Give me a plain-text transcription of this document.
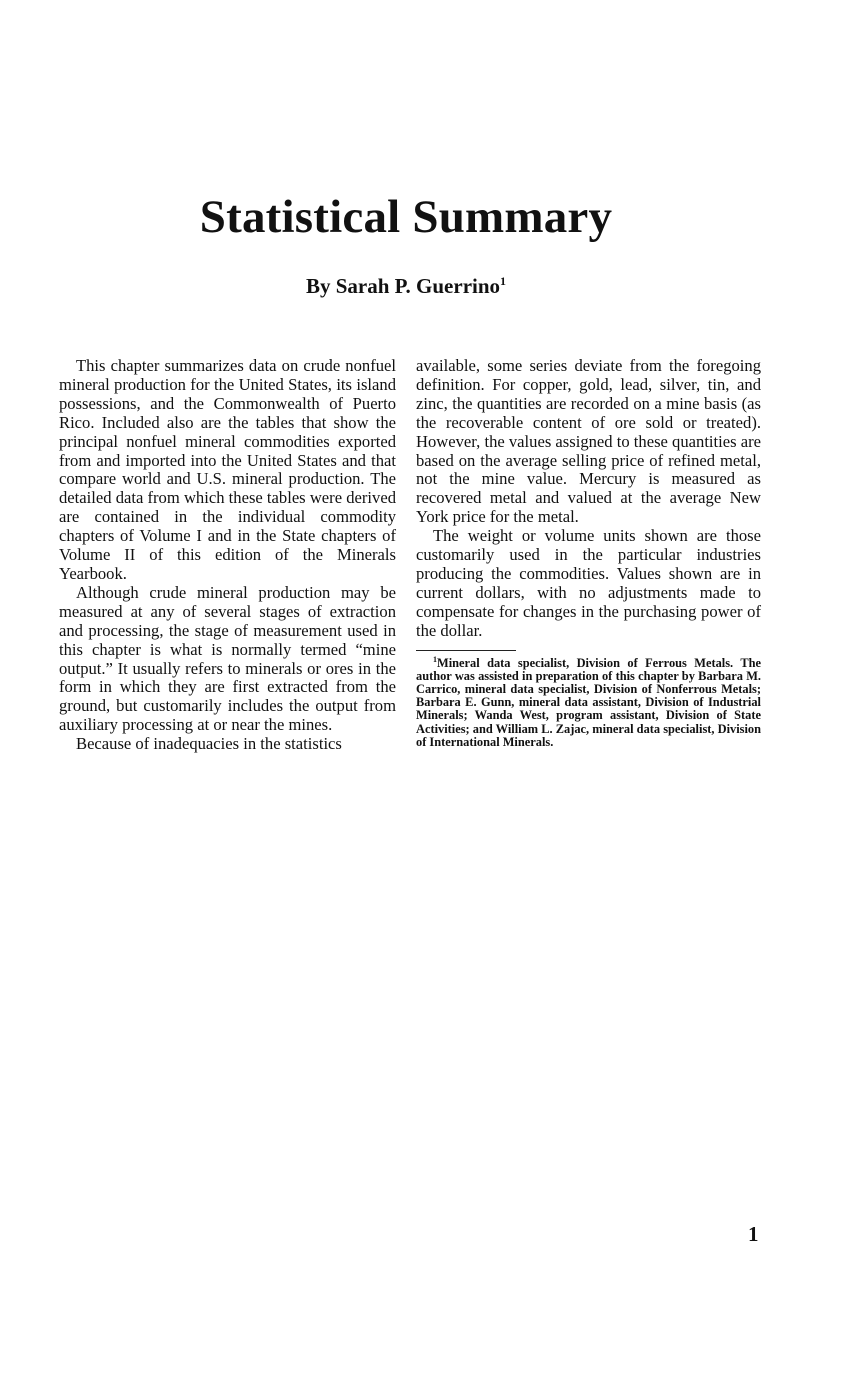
Statistical Summary

By Sarah P. Guerrino$^1$

This chapter summarizes data on crude nonfuel mineral production for the United States, its island possessions, and the Commonwealth of Puerto Rico. Included also are the tables that show the principal nonfuel mineral commodities exported from and imported into the United States and that compare world and U.S. mineral production. The detailed data from which these tables were derived are contained in the individual commodity chapters of Volume I and in the State chapters of Volume II of this edition of the Minerals Yearbook.

Although crude mineral production may be measured at any of several stages of extraction and processing, the stage of measurement used in this chapter is what is normally termed “mine output.” It usually refers to minerals or ores in the form in which they are first extracted from the ground, but customarily includes the output from auxiliary processing at or near the mines.

Because of inadequacies in the statistics

available, some series deviate from the foregoing definition. For copper, gold, lead, silver, tin, and zinc, the quantities are recorded on a mine basis (as the recoverable content of ore sold or treated). However, the values assigned to these quantities are based on the average selling price of refined metal, not the mine value. Mercury is measured as recovered metal and valued at the average New York price for the metal.

The weight or volume units shown are those customarily used in the particular industries producing the commodities. Values shown are in current dollars, with no adjustments made to compensate for changes in the purchasing power of the dollar.

$^1$Mineral data specialist, Division of Ferrous Metals. The author was assisted in preparation of this chapter by Barbara M. Carrico, mineral data specialist, Division of Nonferrous Metals; Barbara E. Gunn, mineral data assistant, Division of Industrial Minerals; Wanda West, program assistant, Division of State Activities; and William L. Zajac, mineral data specialist, Division of International Minerals.

1
